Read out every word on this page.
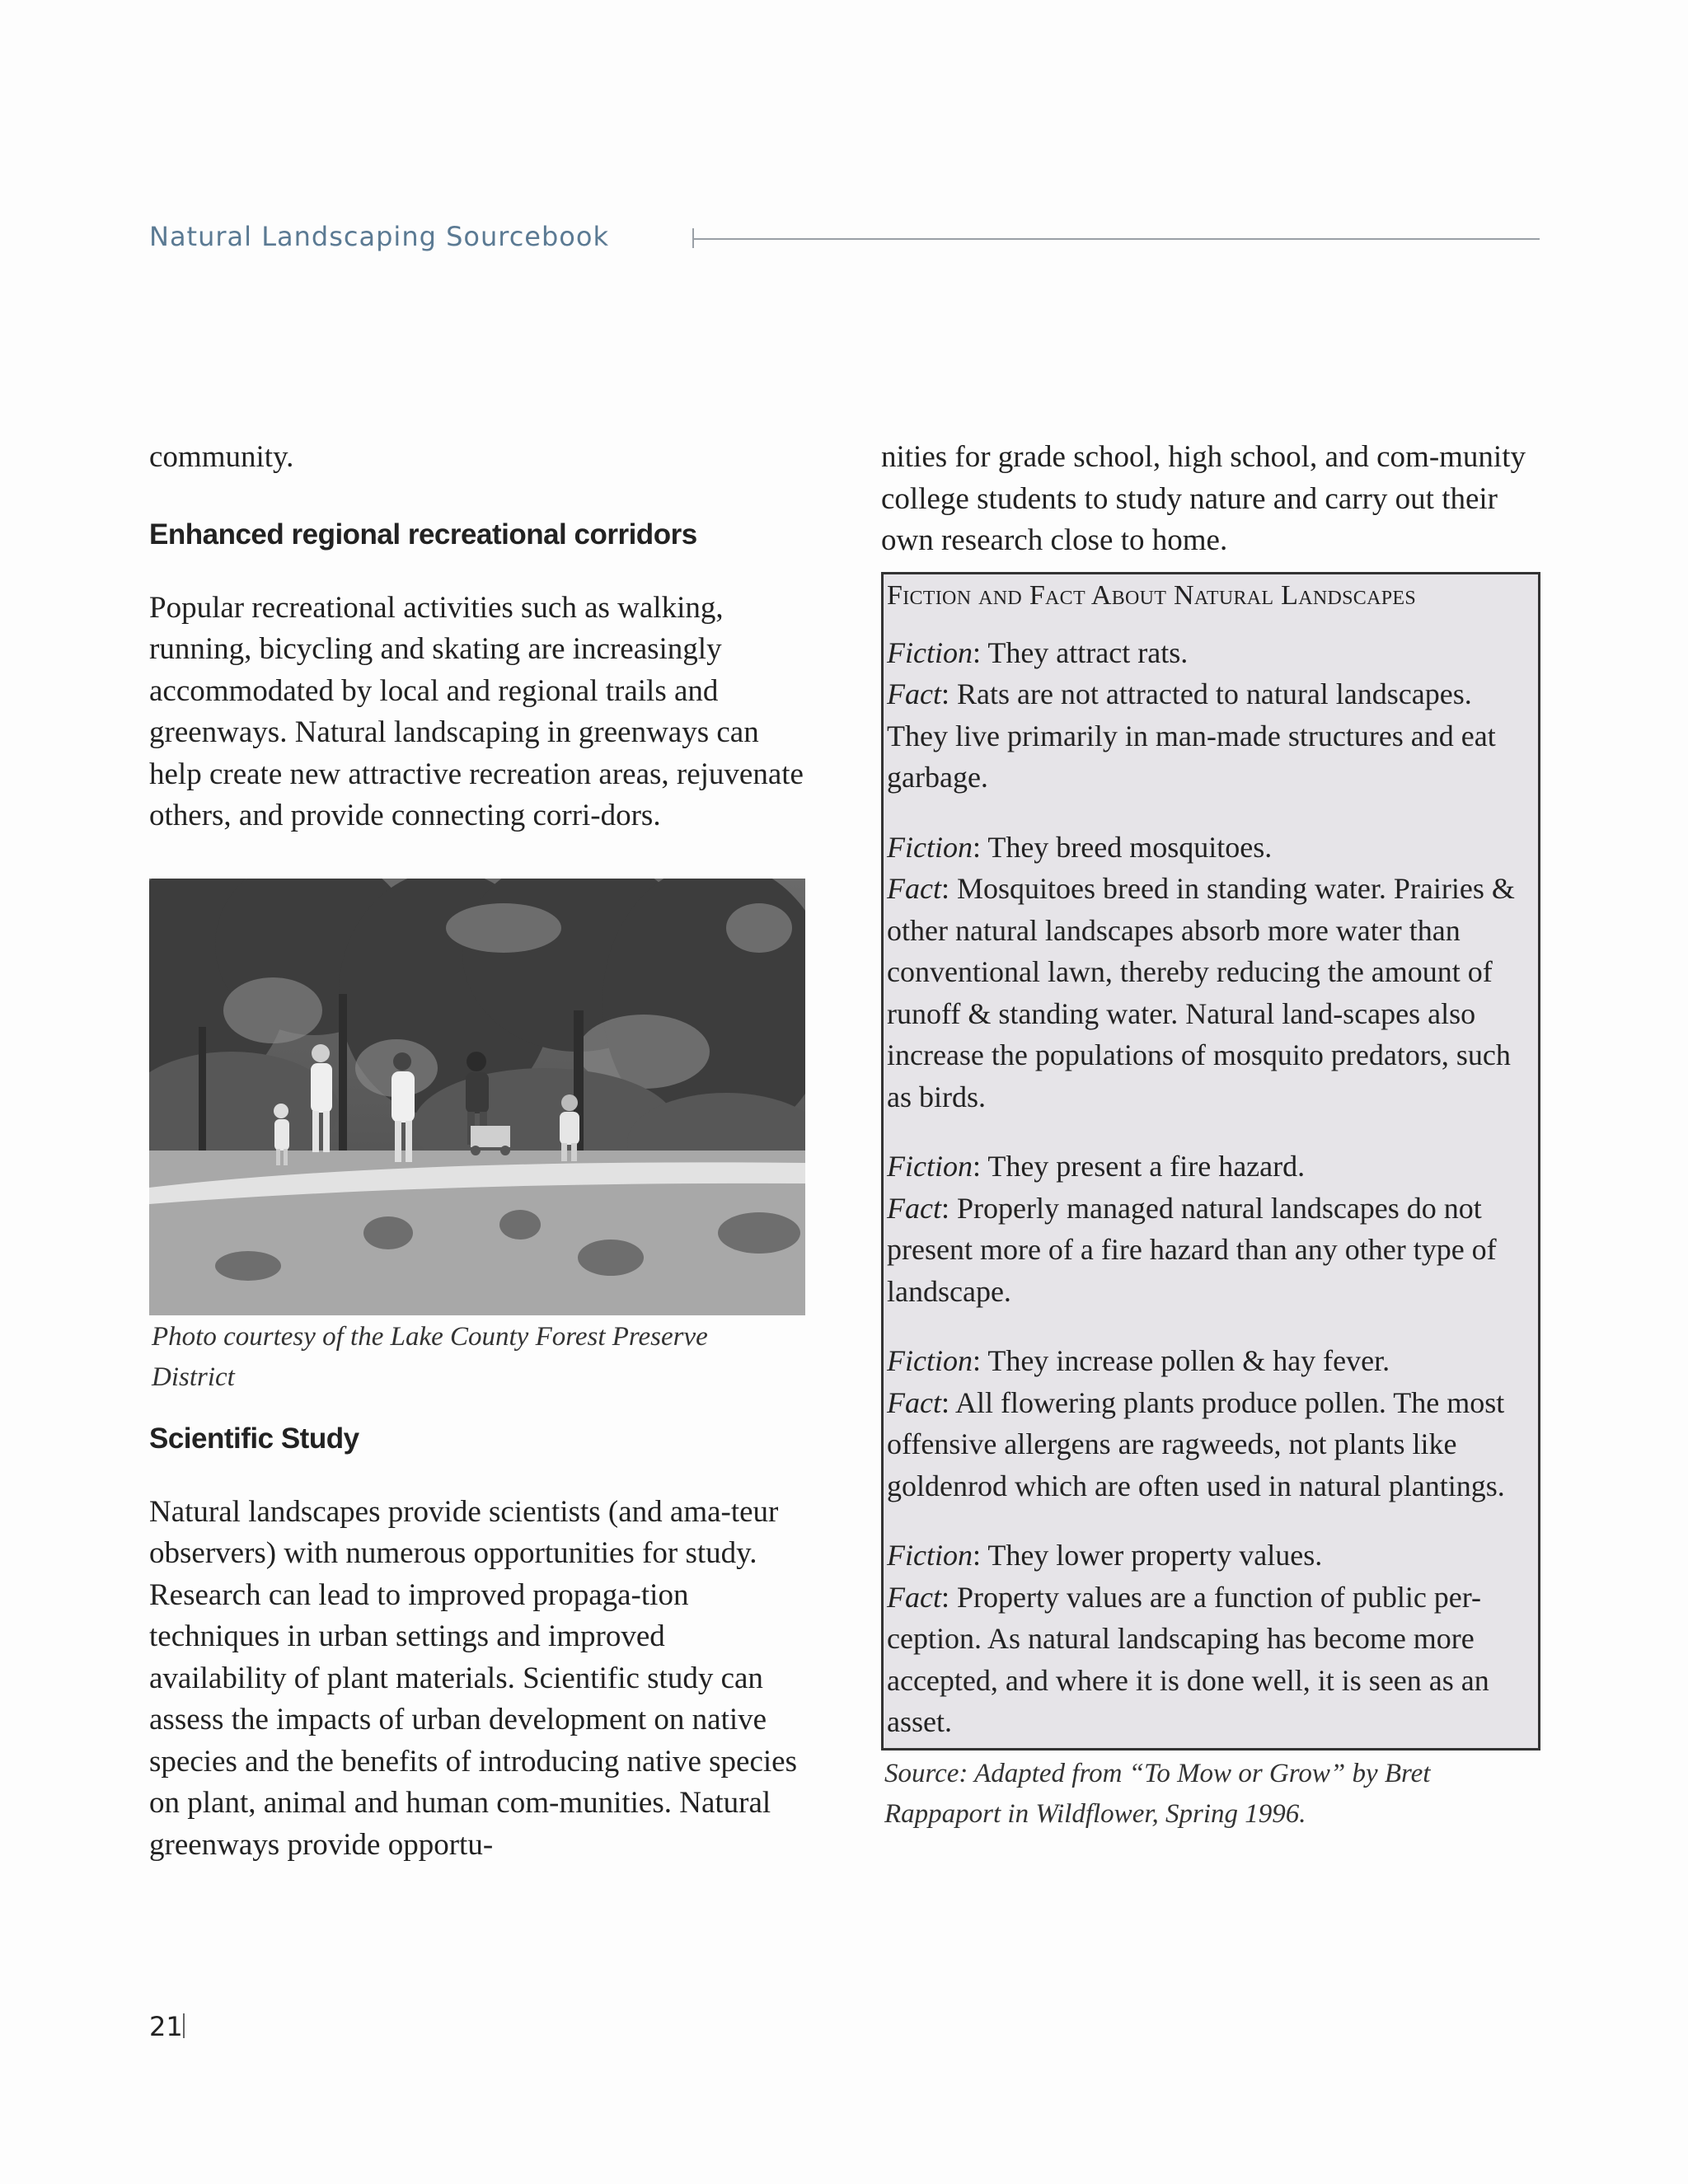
Natural Landscaping Sourcebook

community.

Enhanced regional recreational corridors

Popular recreational activities such as walking, running, bicycling and skating are increasingly accommodated by local and regional trails and greenways. Natural landscaping in greenways can help create new attractive recreation areas, rejuvenate others, and provide connecting corri-dors.

Photo courtesy of the Lake County Forest Preserve

District

Scientific Study

Natural landscapes provide scientists (and ama-teur observers) with numerous opportunities for study. Research can lead to improved propaga-tion techniques in urban settings and improved availability of plant materials. Scientific study can assess the impacts of urban development on native species and the benefits of introducing native species on plant, animal and human com-munities. Natural greenways provide opportu-

nities for grade school, high school, and com-munity college students to study nature and carry out their own research close to home.

Fiction and Fact About Natural Landscapes

Fiction: They attract rats.
Fact: Rats are not attracted to natural landscapes. They live primarily in man-made structures and eat garbage.

Fiction: They breed mosquitoes.
Fact: Mosquitoes breed in standing water. Prairies & other natural landscapes absorb more water than conventional lawn, thereby reducing the amount of runoff & standing water. Natural land-scapes also increase the populations of mosquito predators, such as birds.

Fiction: They present a fire hazard.
Fact: Properly managed natural landscapes do not present more of a fire hazard than any other type of landscape.

Fiction: They increase pollen & hay fever.
Fact: All flowering plants produce pollen. The most offensive allergens are ragweeds, not plants like goldenrod which are often used in natural plantings.

Fiction: They lower property values.
Fact: Property values are a function of public per-ception. As natural landscaping has become more accepted, and where it is done well, it is seen as an asset.

Source: Adapted from “To Mow or Grow” by Bret

Rappaport in Wildflower, Spring 1996.

21
